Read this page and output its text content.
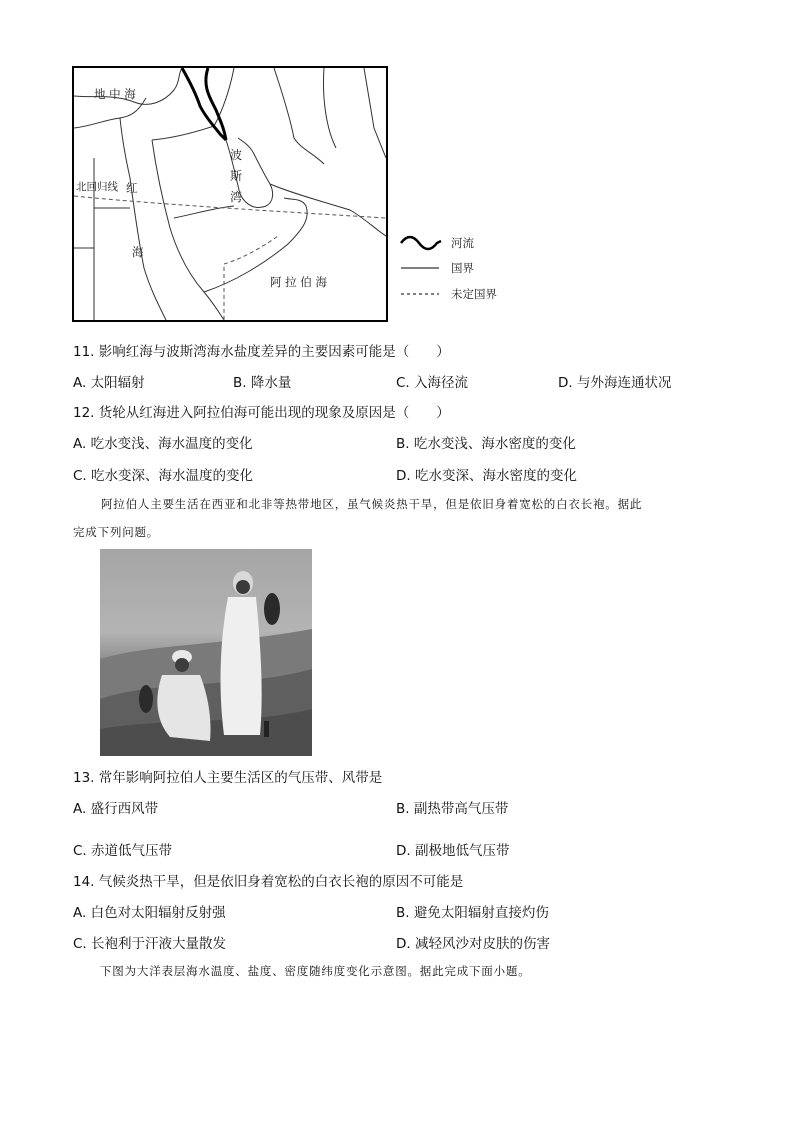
地 中 海
北回归线 红
海
波
斯
湾
阿 拉 伯 海
河流
国界
未定国界
11. 影响红海与波斯湾海水盐度差异的主要因素可能是（　　）
A. 太阳辐射	B. 降水量	C. 入海径流	D. 与外海连通状况
12. 货轮从红海进入阿拉伯海可能出现的现象及原因是（　　）
A. 吃水变浅、海水温度的变化	B. 吃水变浅、海水密度的变化
C. 吃水变深、海水温度的变化	D. 吃水变深、海水密度的变化
阿拉伯人主要生活在西亚和北非等热带地区，虽气候炎热干旱，但是依旧身着宽松的白衣长袍。据此
完成下列问题。
13. 常年影响阿拉伯人主要生活区的气压带、风带是
A. 盛行西风带	B. 副热带高气压带
C. 赤道低气压带	D. 副极地低气压带
14. 气候炎热干旱，但是依旧身着宽松的白衣长袍的原因不可能是
A. 白色对太阳辐射反射强	B. 避免太阳辐射直接灼伤
C. 长袍利于汗液大量散发	D. 减轻风沙对皮肤的伤害
下图为大洋表层海水温度、盐度、密度随纬度变化示意图。据此完成下面小题。
